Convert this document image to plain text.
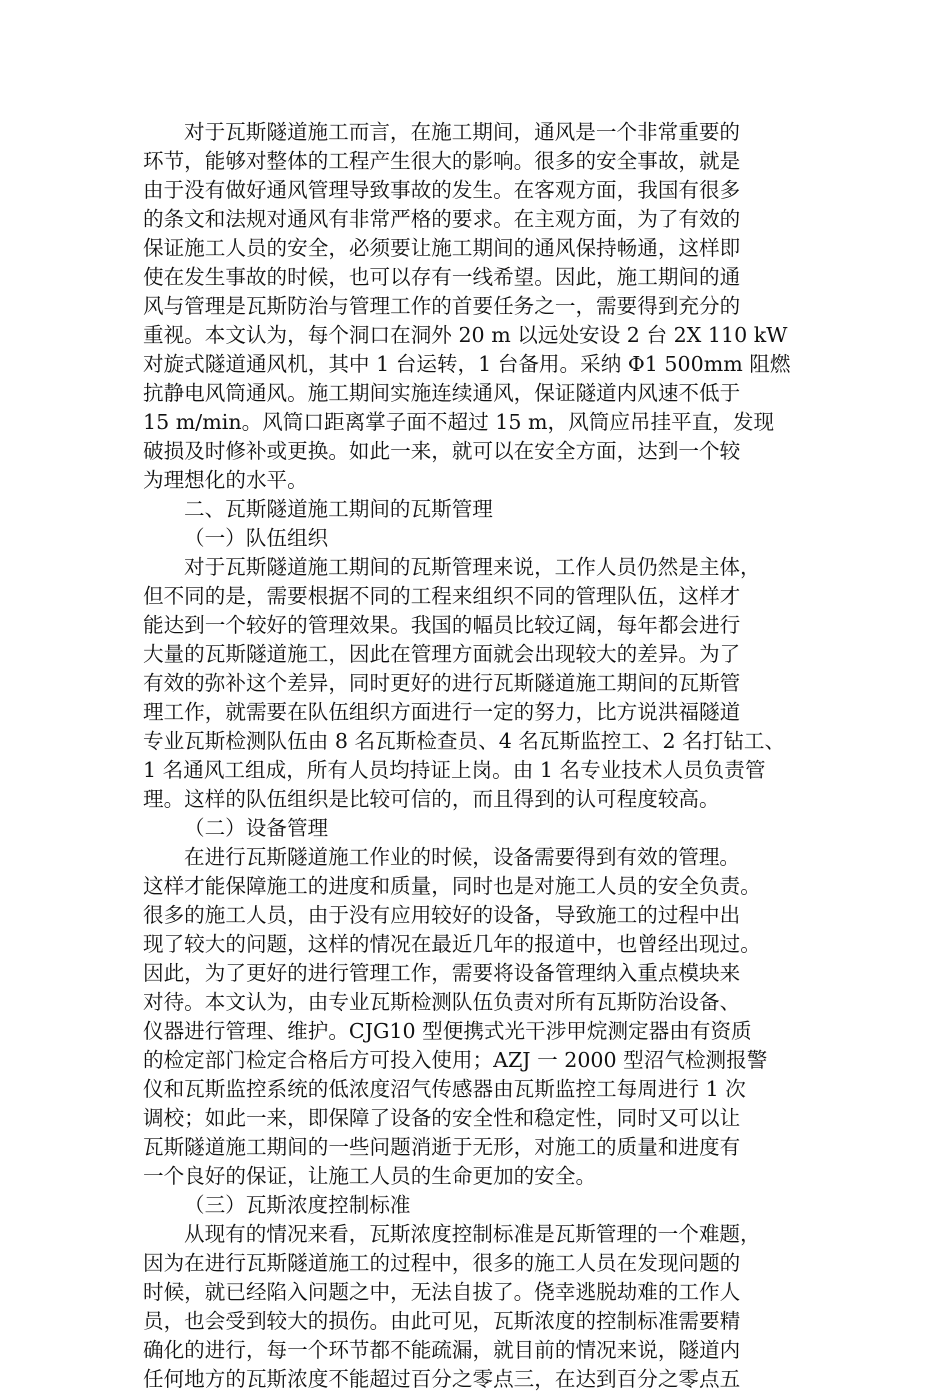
对于瓦斯隧道施工而言，在施工期间，通风是一个非常重要的
环节，能够对整体的工程产生很大的影响。很多的安全事故，就是
由于没有做好通风管理导致事故的发生。在客观方面，我国有很多
的条文和法规对通风有非常严格的要求。在主观方面，为了有效的
保证施工人员的安全，必须要让施工期间的通风保持畅通，这样即
使在发生事故的时候，也可以存有一线希望。因此，施工期间的通
风与管理是瓦斯防治与管理工作的首要任务之一，需要得到充分的
重视。本文认为，每个洞口在洞外 20 m 以远处安设 2 台 2X 110 kW
对旋式隧道通风机，其中 1 台运转，1 台备用。采纳 Φ1 500mm 阻燃
抗静电风筒通风。施工期间实施连续通风，保证隧道内风速不低于
15 m/min。风筒口距离掌子面不超过 15 m，风筒应吊挂平直，发现
破损及时修补或更换。如此一来，就可以在安全方面，达到一个较
为理想化的水平。
二、瓦斯隧道施工期间的瓦斯管理
（一）队伍组织
对于瓦斯隧道施工期间的瓦斯管理来说，工作人员仍然是主体，
但不同的是，需要根据不同的工程来组织不同的管理队伍，这样才
能达到一个较好的管理效果。我国的幅员比较辽阔，每年都会进行
大量的瓦斯隧道施工，因此在管理方面就会出现较大的差异。为了
有效的弥补这个差异，同时更好的进行瓦斯隧道施工期间的瓦斯管
理工作，就需要在队伍组织方面进行一定的努力，比方说洪福隧道
专业瓦斯检测队伍由 8 名瓦斯检查员、4 名瓦斯监控工、2 名打钻工、
1 名通风工组成，所有人员均持证上岗。由 1 名专业技术人员负责管
理。这样的队伍组织是比较可信的，而且得到的认可程度较高。
（二）设备管理
在进行瓦斯隧道施工作业的时候，设备需要得到有效的管理。
这样才能保障施工的进度和质量，同时也是对施工人员的安全负责。
很多的施工人员，由于没有应用较好的设备，导致施工的过程中出
现了较大的问题，这样的情况在最近几年的报道中，也曾经出现过。
因此，为了更好的进行管理工作，需要将设备管理纳入重点模块来
对待。本文认为，由专业瓦斯检测队伍负责对所有瓦斯防治设备、
仪器进行管理、维护。CJG10 型便携式光干涉甲烷测定器由有资质
的检定部门检定合格后方可投入使用；AZJ 一 2000 型沼气检测报警
仪和瓦斯监控系统的低浓度沼气传感器由瓦斯监控工每周进行 1 次
调校；如此一来，即保障了设备的安全性和稳定性，同时又可以让
瓦斯隧道施工期间的一些问题消逝于无形，对施工的质量和进度有
一个良好的保证，让施工人员的生命更加的安全。
（三）瓦斯浓度控制标准
从现有的情况来看，瓦斯浓度控制标准是瓦斯管理的一个难题，
因为在进行瓦斯隧道施工的过程中，很多的施工人员在发现问题的
时候，就已经陷入问题之中，无法自拔了。侥幸逃脱劫难的工作人
员，也会受到较大的损伤。由此可见，瓦斯浓度的控制标准需要精
确化的进行，每一个环节都不能疏漏，就目前的情况来说，隧道内
任何地方的瓦斯浓度不能超过百分之零点三，在达到百分之零点五
